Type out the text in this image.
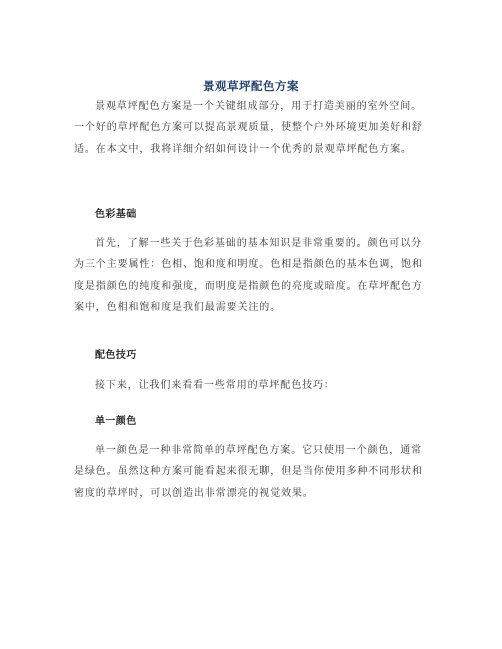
景观草坪配色方案

景观草坪配色方案是一个关键组成部分，用于打造美丽的室外空间。一个好的草坪配色方案可以提高景观质量，使整个户外环境更加美好和舒适。在本文中，我将详细介绍如何设计一个优秀的景观草坪配色方案。

色彩基础

首先，了解一些关于色彩基础的基本知识是非常重要的。颜色可以分为三个主要属性：色相、饱和度和明度。色相是指颜色的基本色调，饱和度是指颜色的纯度和强度，而明度是指颜色的亮度或暗度。在草坪配色方案中，色相和饱和度是我们最需要关注的。

配色技巧

接下来，让我们来看看一些常用的草坪配色技巧：

单一颜色

单一颜色是一种非常简单的草坪配色方案。它只使用一个颜色，通常是绿色。虽然这种方案可能看起来很无聊，但是当你使用多种不同形状和密度的草坪时，可以创造出非常漂亮的视觉效果。
